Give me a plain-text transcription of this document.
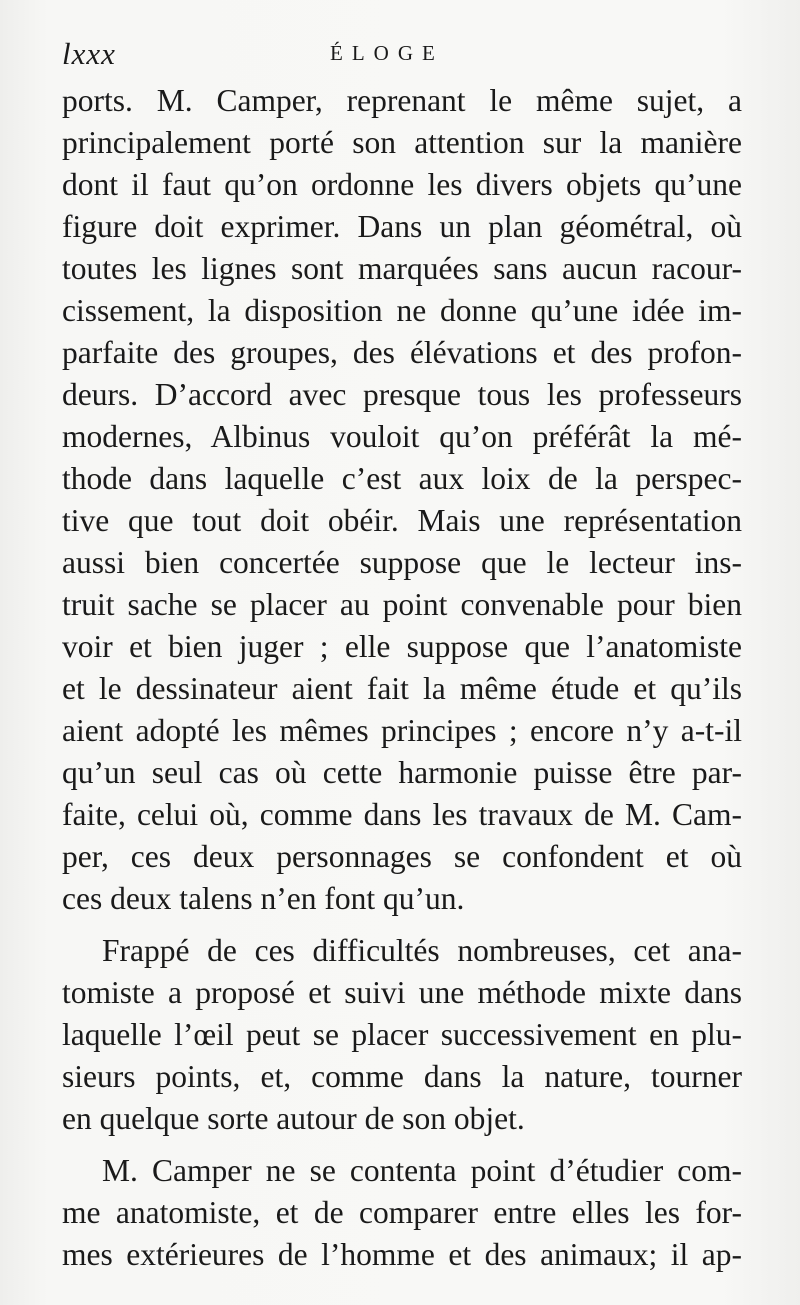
lxxx	ÉLOGE
ports. M. Camper, reprenant le même sujet, a
principalement porté son attention sur la manière
dont il faut qu’on ordonne les divers objets qu’une
figure doit exprimer. Dans un plan géométral, où
toutes les lignes sont marquées sans aucun racour-
cissement, la disposition ne donne qu’une idée im-
parfaite des groupes, des élévations et des profon-
deurs. D’accord avec presque tous les professeurs
modernes, Albinus vouloit qu’on préférât la mé-
thode dans laquelle c’est aux loix de la perspec-
tive que tout doit obéir. Mais une représentation
aussi bien concertée suppose que le lecteur ins-
truit sache se placer au point convenable pour bien
voir et bien juger ; elle suppose que l’anatomiste
et le dessinateur aient fait la même étude et qu’ils
aient adopté les mêmes principes ; encore n’y a-t-il
qu’un seul cas où cette harmonie puisse être par-
faite, celui où, comme dans les travaux de M. Cam-
per, ces deux personnages se confondent et où
ces deux talens n’en font qu’un.
Frappé de ces difficultés nombreuses, cet ana-
tomiste a proposé et suivi une méthode mixte dans
laquelle l’œil peut se placer successivement en plu-
sieurs points, et, comme dans la nature, tourner
en quelque sorte autour de son objet.
M. Camper ne se contenta point d’étudier com-
me anatomiste, et de comparer entre elles les for-
mes extérieures de l’homme et des animaux; il ap-
